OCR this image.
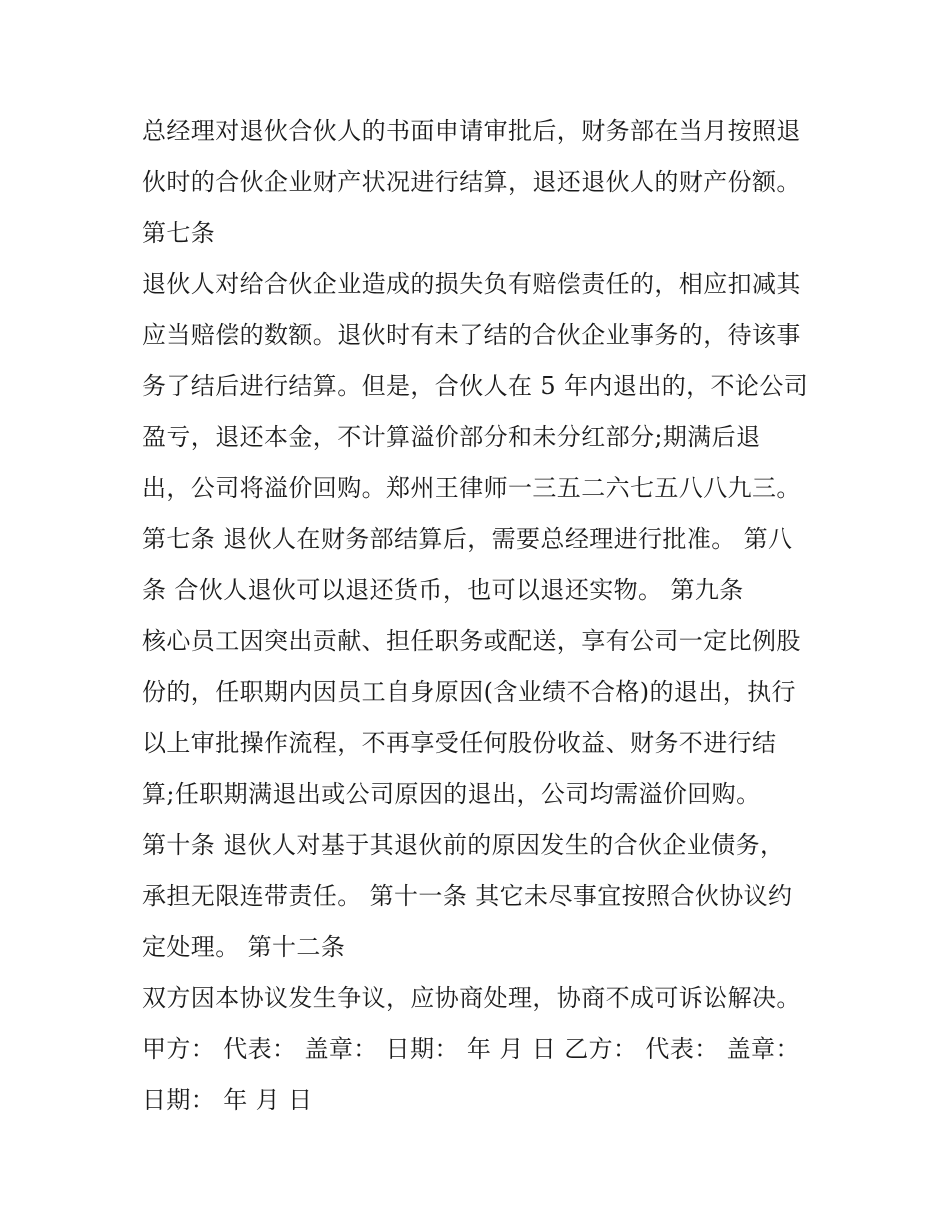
总经理对退伙合伙人的书面申请审批后，财务部在当月按照退
伙时的合伙企业财产状况进行结算，退还退伙人的财产份额。
第七条
退伙人对给合伙企业造成的损失负有赔偿责任的，相应扣减其
应当赔偿的数额。退伙时有未了结的合伙企业事务的，待该事
务了结后进行结算。但是，合伙人在 5 年内退出的，不论公司
盈亏，退还本金，不计算溢价部分和未分红部分;期满后退
出，公司将溢价回购。郑州王律师一三五二六七五八八九三。
第七条 退伙人在财务部结算后，需要总经理进行批准。 第八
条 合伙人退伙可以退还货币，也可以退还实物。 第九条
核心员工因突出贡献、担任职务或配送，享有公司一定比例股
份的，任职期内因员工自身原因(含业绩不合格)的退出，执行
以上审批操作流程，不再享受任何股份收益、财务不进行结
算;任职期满退出或公司原因的退出，公司均需溢价回购。
第十条 退伙人对基于其退伙前的原因发生的合伙企业债务，
承担无限连带责任。 第十一条 其它未尽事宜按照合伙协议约
定处理。 第十二条
双方因本协议发生争议，应协商处理，协商不成可诉讼解决。
甲方： 代表： 盖章： 日期： 年 月 日 乙方： 代表： 盖章：
日期： 年 月 日
